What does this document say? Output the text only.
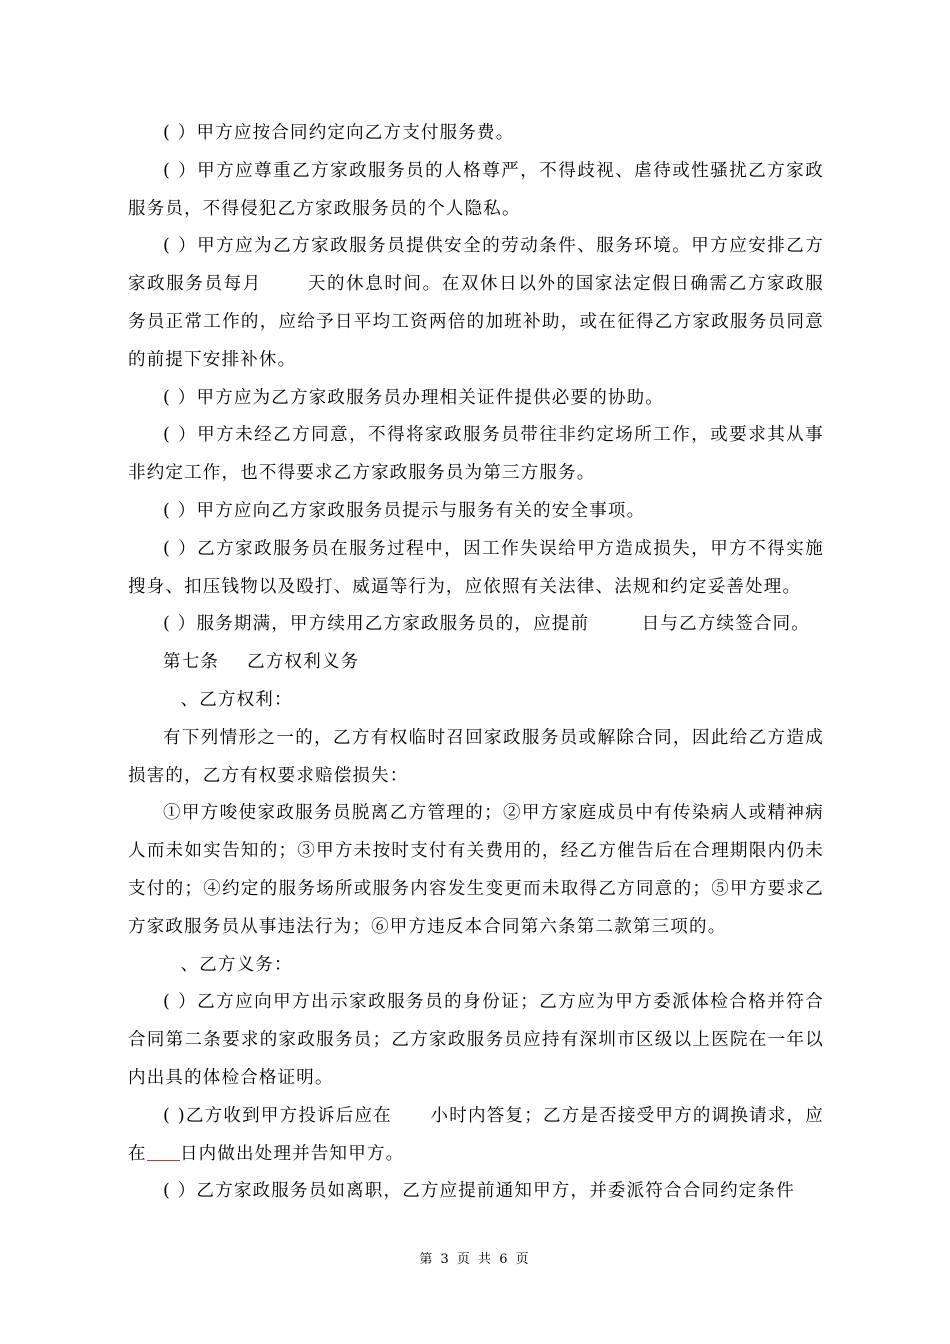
( ）甲方应按合同约定向乙方支付服务费。

( ）甲方应尊重乙方家政服务员的人格尊严，不得歧视、虐待或性骚扰乙方家政服务员，不得侵犯乙方家政服务员的个人隐私。

( ）甲方应为乙方家政服务员提供安全的劳动条件、服务环境。甲方应安排乙方家政服务员每月	天的休息时间。在双休日以外的国家法定假日确需乙方家政服务员正常工作的，应给予日平均工资两倍的加班补助，或在征得乙方家政服务员同意的前提下安排补休。

( ）甲方应为乙方家政服务员办理相关证件提供必要的协助。

( ）甲方未经乙方同意，不得将家政服务员带往非约定场所工作，或要求其从事非约定工作，也不得要求乙方家政服务员为第三方服务。

( ）甲方应向乙方家政服务员提示与服务有关的安全事项。

( ）乙方家政服务员在服务过程中，因工作失误给甲方造成损失，甲方不得实施搜身、扣压钱物以及殴打、威逼等行为，应依照有关法律、法规和约定妥善处理。

( ）服务期满，甲方续用乙方家政服务员的，应提前	日与乙方续签合同。

第七条 乙方权利义务

、乙方权利：

有下列情形之一的，乙方有权临时召回家政服务员或解除合同，因此给乙方造成损害的，乙方有权要求赔偿损失：

①甲方唆使家政服务员脱离乙方管理的；②甲方家庭成员中有传染病人或精神病人而未如实告知的；③甲方未按时支付有关费用的，经乙方催告后在合理期限内仍未支付的；④约定的服务场所或服务内容发生变更而未取得乙方同意的；⑤甲方要求乙方家政服务员从事违法行为；⑥甲方违反本合同第六条第二款第三项的。

、乙方义务：

( ）乙方应向甲方出示家政服务员的身份证；乙方应为甲方委派体检合格并符合合同第二条要求的家政服务员；乙方家政服务员应持有深圳市区级以上医院在一年以内出具的体检合格证明。

( )乙方收到甲方投诉后应在 小时内答复；乙方是否接受甲方的调换请求，应在 日内做出处理并告知甲方。

( ）乙方家政服务员如离职，乙方应提前通知甲方，并委派符合合同约定条件

第 3 页 共 6 页
